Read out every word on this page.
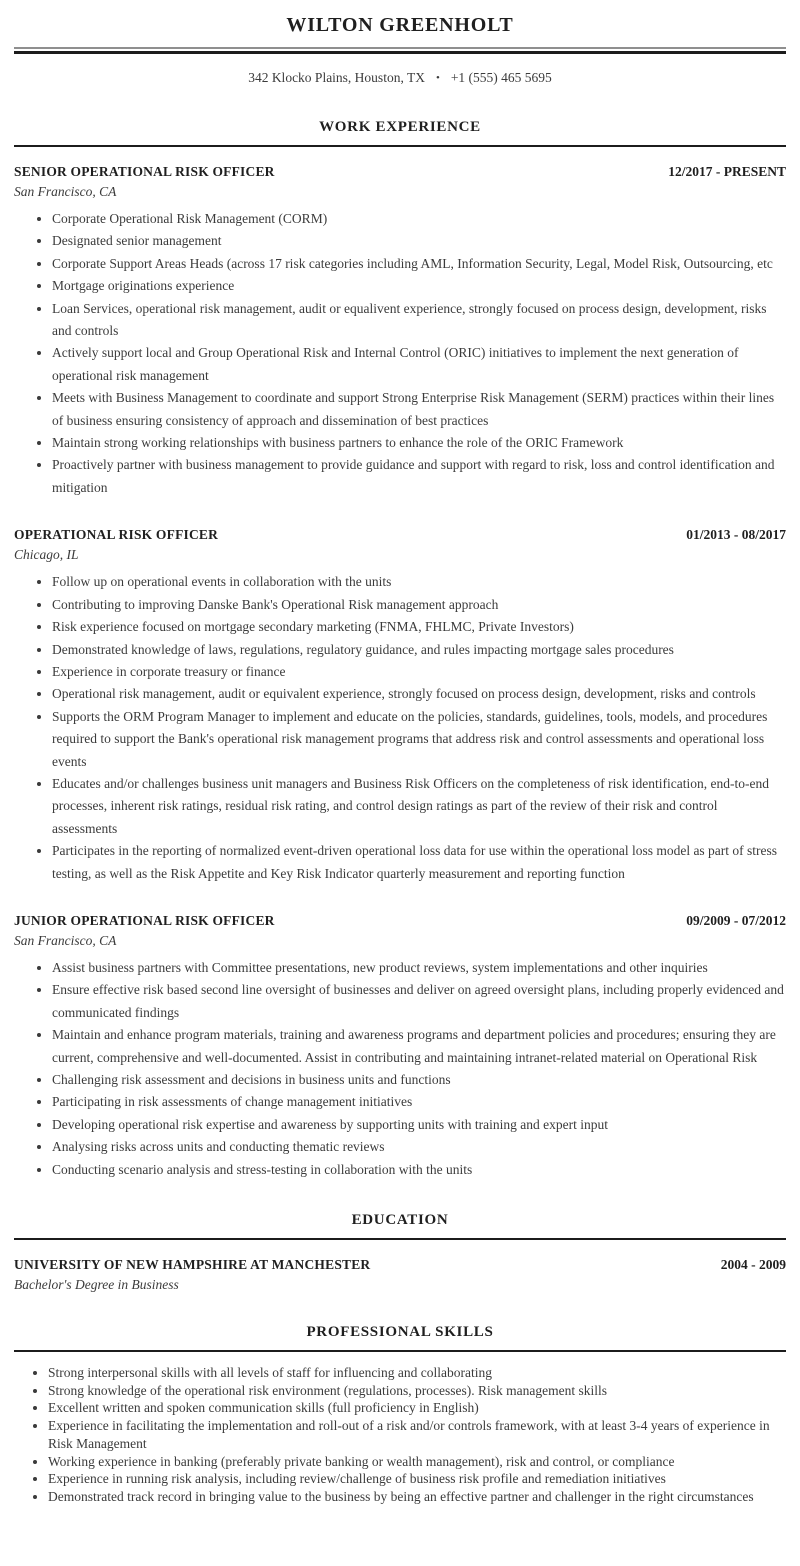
WILTON GREENHOLT
342 Klocko Plains, Houston, TX • +1 (555) 465 5695
WORK EXPERIENCE
SENIOR OPERATIONAL RISK OFFICER	12/2017 - PRESENT
San Francisco, CA
• Corporate Operational Risk Management (CORM)
• Designated senior management
• Corporate Support Areas Heads (across 17 risk categories including AML, Information Security, Legal, Model Risk, Outsourcing, etc
• Mortgage originations experience
• Loan Services, operational risk management, audit or equalivent experience, strongly focused on process design, development, risks and controls
• Actively support local and Group Operational Risk and Internal Control (ORIC) initiatives to implement the next generation of operational risk management
• Meets with Business Management to coordinate and support Strong Enterprise Risk Management (SERM) practices within their lines of business ensuring consistency of approach and dissemination of best practices
• Maintain strong working relationships with business partners to enhance the role of the ORIC Framework
• Proactively partner with business management to provide guidance and support with regard to risk, loss and control identification and mitigation
OPERATIONAL RISK OFFICER	01/2013 - 08/2017
Chicago, IL
• Follow up on operational events in collaboration with the units
• Contributing to improving Danske Bank's Operational Risk management approach
• Risk experience focused on mortgage secondary marketing (FNMA, FHLMC, Private Investors)
• Demonstrated knowledge of laws, regulations, regulatory guidance, and rules impacting mortgage sales procedures
• Experience in corporate treasury or finance
• Operational risk management, audit or equivalent experience, strongly focused on process design, development, risks and controls
• Supports the ORM Program Manager to implement and educate on the policies, standards, guidelines, tools, models, and procedures required to support the Bank's operational risk management programs that address risk and control assessments and operational loss events
• Educates and/or challenges business unit managers and Business Risk Officers on the completeness of risk identification, end-to-end processes, inherent risk ratings, residual risk rating, and control design ratings as part of the review of their risk and control assessments
• Participates in the reporting of normalized event-driven operational loss data for use within the operational loss model as part of stress testing, as well as the Risk Appetite and Key Risk Indicator quarterly measurement and reporting function
JUNIOR OPERATIONAL RISK OFFICER	09/2009 - 07/2012
San Francisco, CA
• Assist business partners with Committee presentations, new product reviews, system implementations and other inquiries
• Ensure effective risk based second line oversight of businesses and deliver on agreed oversight plans, including properly evidenced and communicated findings
• Maintain and enhance program materials, training and awareness programs and department policies and procedures; ensuring they are current, comprehensive and well-documented. Assist in contributing and maintaining intranet-related material on Operational Risk
• Challenging risk assessment and decisions in business units and functions
• Participating in risk assessments of change management initiatives
• Developing operational risk expertise and awareness by supporting units with training and expert input
• Analysing risks across units and conducting thematic reviews
• Conducting scenario analysis and stress-testing in collaboration with the units
EDUCATION
UNIVERSITY OF NEW HAMPSHIRE AT MANCHESTER	2004 - 2009
Bachelor's Degree in Business
PROFESSIONAL SKILLS
• Strong interpersonal skills with all levels of staff for influencing and collaborating
• Strong knowledge of the operational risk environment (regulations, processes). Risk management skills
• Excellent written and spoken communication skills (full proficiency in English)
• Experience in facilitating the implementation and roll-out of a risk and/or controls framework, with at least 3-4 years of experience in Risk Management
• Working experience in banking (preferably private banking or wealth management), risk and control, or compliance
• Experience in running risk analysis, including review/challenge of business risk profile and remediation initiatives
• Demonstrated track record in bringing value to the business by being an effective partner and challenger in the right circumstances
